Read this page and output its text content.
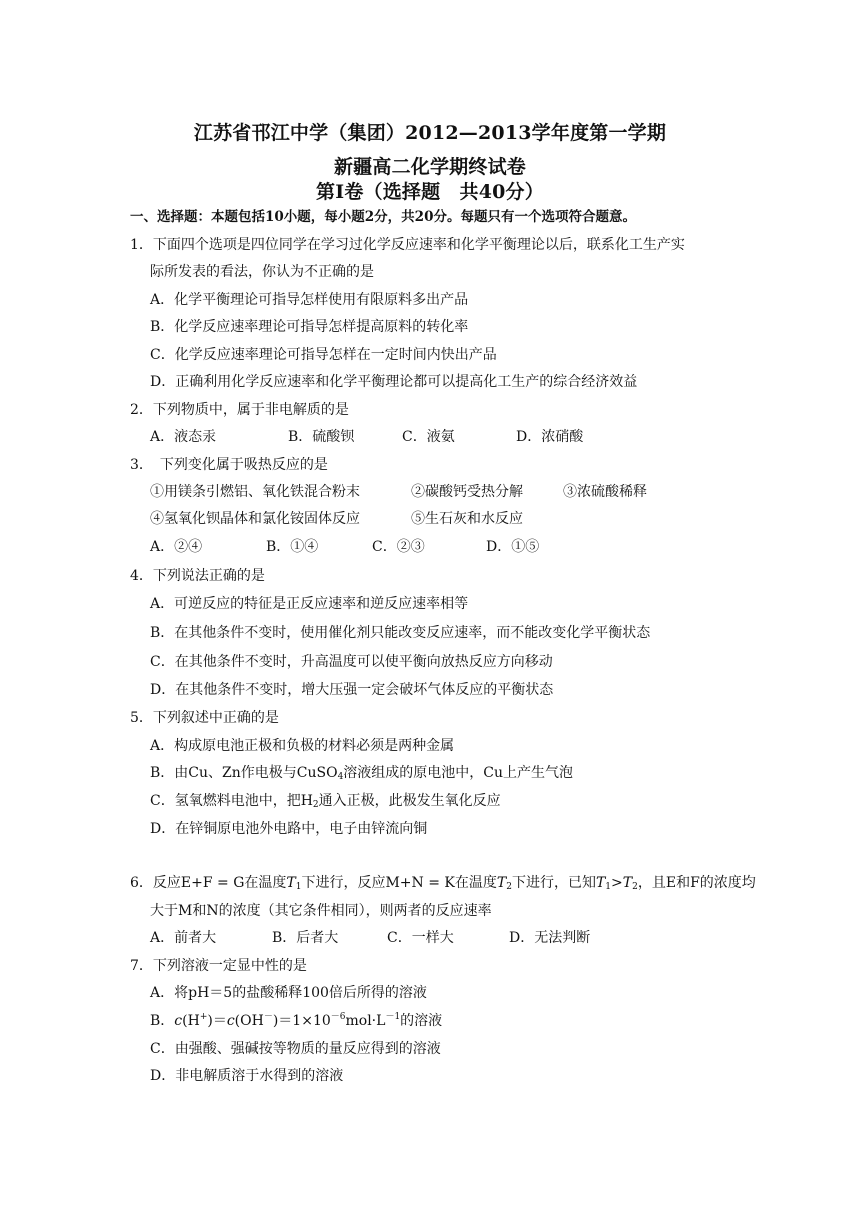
江苏省邗江中学（集团）2012—2013学年度第一学期
新疆高二化学期终试卷
第Ⅰ卷（选择题　共40分）
一、选择题：本题包括10小题，每小题2分，共20分。每题只有一个选项符合题意。
1．下面四个选项是四位同学在学习过化学反应速率和化学平衡理论以后，联系化工生产实
际所发表的看法，你认为不正确的是
A．化学平衡理论可指导怎样使用有限原料多出产品
B．化学反应速率理论可指导怎样提高原料的转化率
C．化学反应速率理论可指导怎样在一定时间内快出产品
D．正确利用化学反应速率和化学平衡理论都可以提高化工生产的综合经济效益
2．下列物质中，属于非电解质的是
A．液态汞	B．硫酸钡	C．液氨	D．浓硝酸
3．　下列变化属于吸热反应的是
①用镁条引燃铝、氧化铁混合粉末	②碳酸钙受热分解	③浓硫酸稀释
④氢氧化钡晶体和氯化铵固体反应	⑤生石灰和水反应
A．②④	B．①④	C．②③	D．①⑤
4．下列说法正确的是
A．可逆反应的特征是正反应速率和逆反应速率相等
B．在其他条件不变时，使用催化剂只能改变反应速率，而不能改变化学平衡状态
C．在其他条件不变时，升高温度可以使平衡向放热反应方向移动
D．在其他条件不变时，增大压强一定会破坏气体反应的平衡状态
5．下列叙述中正确的是
A．构成原电池正极和负极的材料必须是两种金属
B．由Cu、Zn作电极与CuSO$_4$溶液组成的原电池中，Cu上产生气泡
C．氢氧燃料电池中，把$H_2$通入正极，此极发生氧化反应
D．在锌铜原电池外电路中，电子由锌流向铜
6．反应E+F = G在温度$T_1$下进行，反应M+N = K在温度$T_2$下进行，已知$T_1>T_2$，且E和F的浓度均
大于M和N的浓度（其它条件相同），则两者的反应速率
A．前者大	B．后者大	C．一样大	D．无法判断
7．下列溶液一定显中性的是
A．将pH＝5的盐酸稀释100倍后所得的溶液
B．$c(H^+)=c(OH^-)=1\times 10^{-6}mol\cdot L^{-1}$的溶液
C．由强酸、强碱按等物质的量反应得到的溶液
D．非电解质溶于水得到的溶液
